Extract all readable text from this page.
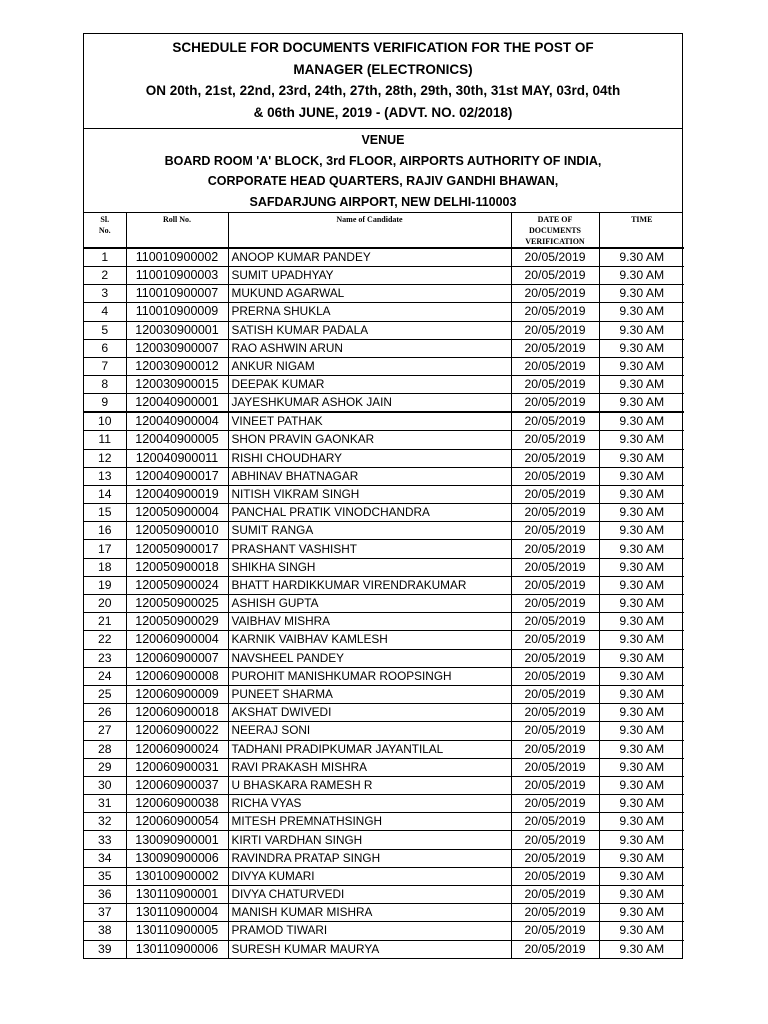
SCHEDULE FOR DOCUMENTS VERIFICATION FOR THE POST OF
MANAGER (ELECTRONICS)
ON 20th, 21st, 22nd, 23rd, 24th, 27th, 28th, 29th, 30th, 31st MAY, 03rd, 04th
& 06th JUNE, 2019 - (ADVT. NO. 02/2018)
VENUE
BOARD ROOM 'A' BLOCK, 3rd FLOOR, AIRPORTS AUTHORITY OF INDIA,
CORPORATE HEAD QUARTERS, RAJIV GANDHI BHAWAN,
SAFDARJUNG AIRPORT, NEW DELHI-110003
Sl.
No.	Roll No.	Name of Candidate	DATE OF
DOCUMENTS
VERIFICATION	TIME
1	110010900002	ANOOP KUMAR PANDEY	20/05/2019	9.30 AM
2	110010900003	SUMIT UPADHYAY	20/05/2019	9.30 AM
3	110010900007	MUKUND AGARWAL	20/05/2019	9.30 AM
4	110010900009	PRERNA SHUKLA	20/05/2019	9.30 AM
5	120030900001	SATISH KUMAR PADALA	20/05/2019	9.30 AM
6	120030900007	RAO ASHWIN ARUN	20/05/2019	9.30 AM
7	120030900012	ANKUR NIGAM	20/05/2019	9.30 AM
8	120030900015	DEEPAK KUMAR	20/05/2019	9.30 AM
9	120040900001	JAYESHKUMAR ASHOK JAIN	20/05/2019	9.30 AM
10	120040900004	VINEET PATHAK	20/05/2019	9.30 AM
11	120040900005	SHON PRAVIN GAONKAR	20/05/2019	9.30 AM
12	120040900011	RISHI CHOUDHARY	20/05/2019	9.30 AM
13	120040900017	ABHINAV BHATNAGAR	20/05/2019	9.30 AM
14	120040900019	NITISH VIKRAM SINGH	20/05/2019	9.30 AM
15	120050900004	PANCHAL PRATIK VINODCHANDRA	20/05/2019	9.30 AM
16	120050900010	SUMIT RANGA	20/05/2019	9.30 AM
17	120050900017	PRASHANT VASHISHT	20/05/2019	9.30 AM
18	120050900018	SHIKHA SINGH	20/05/2019	9.30 AM
19	120050900024	BHATT HARDIKKUMAR VIRENDRAKUMAR	20/05/2019	9.30 AM
20	120050900025	ASHISH GUPTA	20/05/2019	9.30 AM
21	120050900029	VAIBHAV MISHRA	20/05/2019	9.30 AM
22	120060900004	KARNIK VAIBHAV KAMLESH	20/05/2019	9.30 AM
23	120060900007	NAVSHEEL PANDEY	20/05/2019	9.30 AM
24	120060900008	PUROHIT MANISHKUMAR ROOPSINGH	20/05/2019	9.30 AM
25	120060900009	PUNEET SHARMA	20/05/2019	9.30 AM
26	120060900018	AKSHAT DWIVEDI	20/05/2019	9.30 AM
27	120060900022	NEERAJ SONI	20/05/2019	9.30 AM
28	120060900024	TADHANI PRADIPKUMAR JAYANTILAL	20/05/2019	9.30 AM
29	120060900031	RAVI PRAKASH MISHRA	20/05/2019	9.30 AM
30	120060900037	U BHASKARA RAMESH R	20/05/2019	9.30 AM
31	120060900038	RICHA VYAS	20/05/2019	9.30 AM
32	120060900054	MITESH PREMNATHSINGH	20/05/2019	9.30 AM
33	130090900001	KIRTI VARDHAN SINGH	20/05/2019	9.30 AM
34	130090900006	RAVINDRA PRATAP SINGH	20/05/2019	9.30 AM
35	130100900002	DIVYA KUMARI	20/05/2019	9.30 AM
36	130110900001	DIVYA CHATURVEDI	20/05/2019	9.30 AM
37	130110900004	MANISH KUMAR MISHRA	20/05/2019	9.30 AM
38	130110900005	PRAMOD TIWARI	20/05/2019	9.30 AM
39	130110900006	SURESH KUMAR MAURYA	20/05/2019	9.30 AM
